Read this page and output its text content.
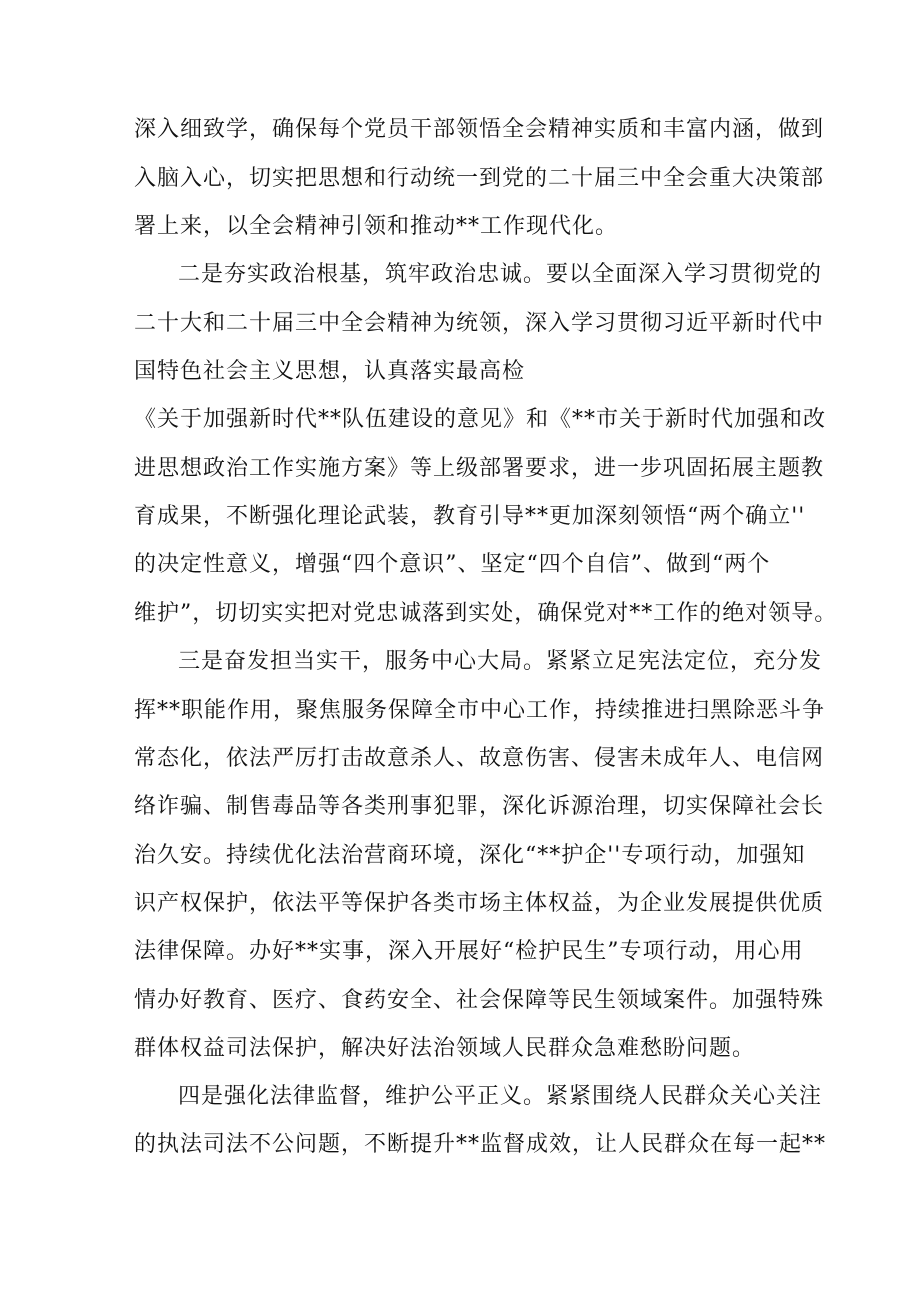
深入细致学，确保每个党员干部领悟全会精神实质和丰富内涵，做到
入脑入心，切实把思想和行动统一到党的二十届三中全会重大决策部
署上来，以全会精神引领和推动**工作现代化。
二是夯实政治根基，筑牢政治忠诚。要以全面深入学习贯彻党的
二十大和二十届三中全会精神为统领，深入学习贯彻习近平新时代中
国特色社会主义思想，认真落实最高检
《关于加强新时代**队伍建设的意见》和《**市关于新时代加强和改
进思想政治工作实施方案》等上级部署要求，进一步巩固拓展主题教
育成果，不断强化理论武装，教育引导**更加深刻领悟“两个确立''
的决定性意义，增强“四个意识”、坚定“四个自信”、做到“两个
维护”，切切实实把对党忠诚落到实处，确保党对**工作的绝对领导。
三是奋发担当实干，服务中心大局。紧紧立足宪法定位，充分发
挥**职能作用，聚焦服务保障全市中心工作，持续推进扫黑除恶斗争
常态化，依法严厉打击故意杀人、故意伤害、侵害未成年人、电信网
络诈骗、制售毒品等各类刑事犯罪，深化诉源治理，切实保障社会长
治久安。持续优化法治营商环境，深化“**护企''专项行动，加强知
识产权保护，依法平等保护各类市场主体权益，为企业发展提供优质
法律保障。办好**实事，深入开展好“检护民生”专项行动，用心用
情办好教育、医疗、食药安全、社会保障等民生领域案件。加强特殊
群体权益司法保护，解决好法治领域人民群众急难愁盼问题。
四是强化法律监督，维护公平正义。紧紧围绕人民群众关心关注
的执法司法不公问题，不断提升**监督成效，让人民群众在每一起**
